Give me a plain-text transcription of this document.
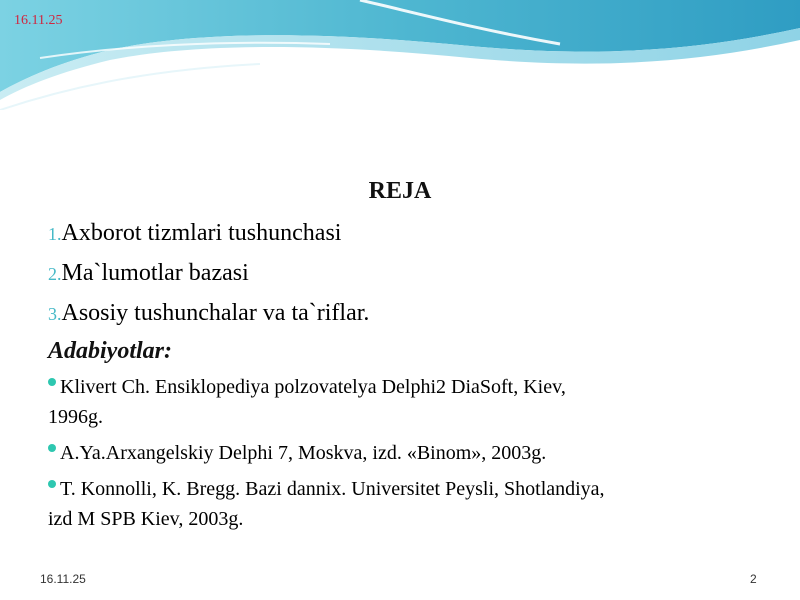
16.11.25
REJA
1.Axborot tizmlari tushunchasi
2.Ma`lumotlar bazasi
3.Asosiy tushunchalar va ta`riflar.
Adabiyotlar:
Klivert Ch. Ensiklopediya polzovatelya Delphi2 DiaSoft, Kiev,
1996g.
A.Ya.Arxangelskiy Delphi 7, Moskva, izd. «Binom», 2003g.
T. Konnolli, K. Bregg. Bazi dannix. Universitet Peysli, Shotlandiya,
izd M SPB Kiev, 2003g.
16.11.25	2
